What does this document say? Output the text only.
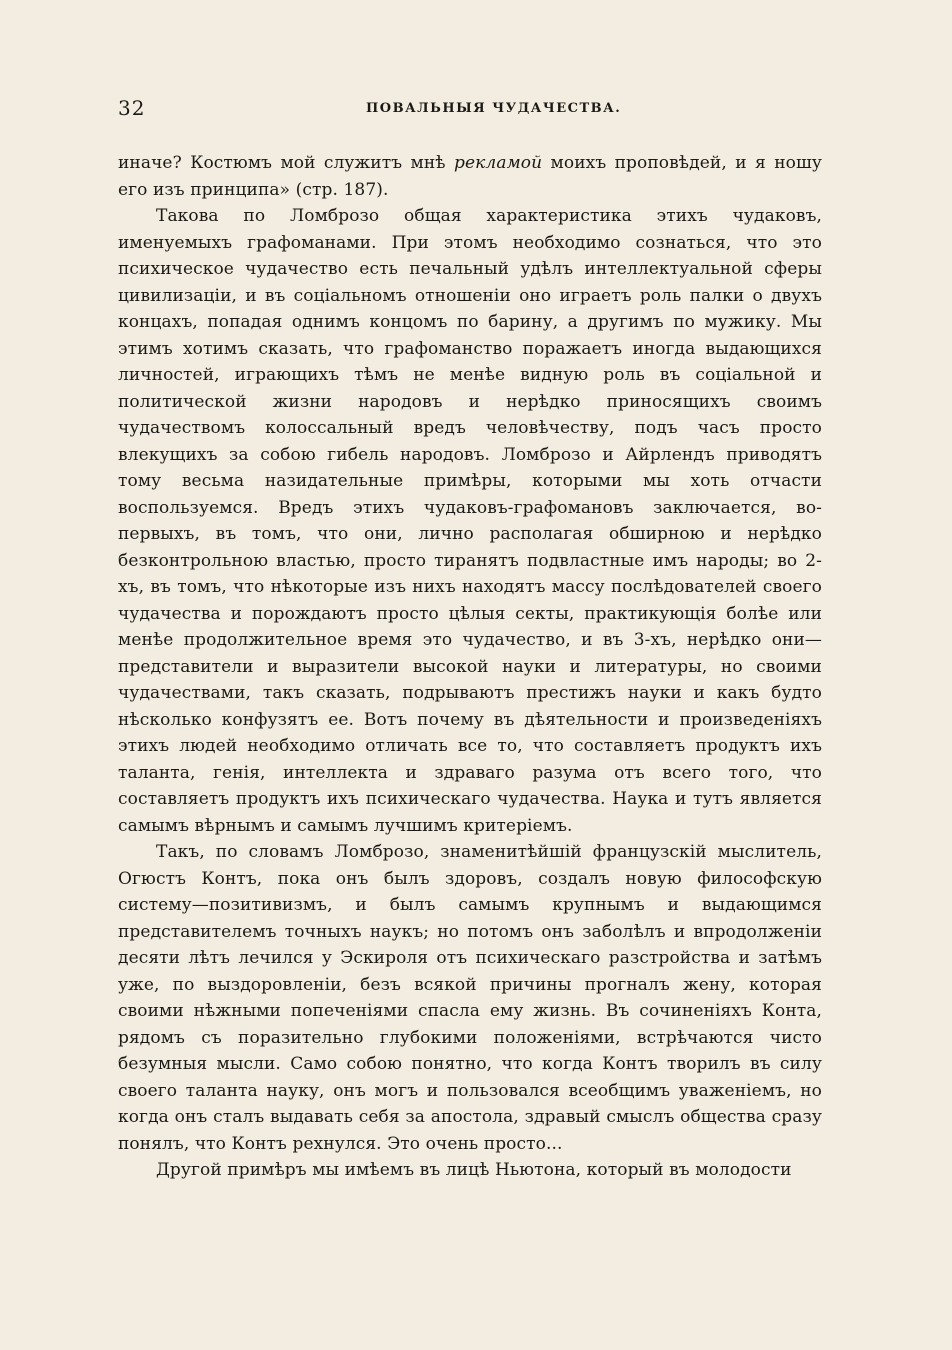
32	ПОВАЛЬНЫЯ ЧУДАЧЕСТВА.

иначе? Костюмъ мой служитъ мнѣ рекламой моихъ проповѣдей, и я ношу его изъ принципа» (стр. 187).

Такова по Ломброзо общая характеристика этихъ чудаковъ, именуемыхъ графоманами. При этомъ необходимо сознаться, что это психическое чудачество есть печальный удѣлъ интеллектуальной сферы цивилизацiи, и въ соцiальномъ отношенiи оно играетъ роль палки о двухъ концахъ, попадая однимъ концомъ по барину, а другимъ по мужику. Мы этимъ хотимъ сказать, что графоманство поражаетъ иногда выдающихся личностей, играющихъ тѣмъ не менѣе видную роль въ соцiальной и политической жизни народовъ и нерѣдко приносящихъ своимъ чудачествомъ колоссальный вредъ человѣчеству, подъ часъ просто влекущихъ за собою гибель народовъ. Ломброзо и Айрлендъ приводятъ тому весьма назидательные примѣры, которыми мы хоть отчасти воспользуемся. Вредъ этихъ чудаковъ-графомановъ заключается, во-первыхъ, въ томъ, что они, лично располагая обширною и нерѣдко безконтрольною властью, просто тиранятъ подвластные имъ народы; во 2-хъ, въ томъ, что нѣкоторые изъ нихъ находятъ массу послѣдователей своего чудачества и порождаютъ просто цѣлыя секты, практикующiя болѣе или менѣе продолжительное время это чудачество, и въ 3-хъ, нерѣдко они—представители и выразители высокой науки и литературы, но своими чудачествами, такъ сказать, подрываютъ престижъ науки и какъ будто нѣсколько конфузятъ ее. Вотъ почему въ дѣятельности и произведенiяхъ этихъ людей необходимо отличать все то, что составляетъ продуктъ ихъ таланта, генiя, интеллекта и здраваго разума отъ всего того, что составляетъ продуктъ ихъ психическаго чудачества. Наука и тутъ является самымъ вѣрнымъ и самымъ лучшимъ критерiемъ.

Такъ, по словамъ Ломброзо, знаменитѣйшiй французскiй мыслитель, Огюстъ Контъ, пока онъ былъ здоровъ, создалъ новую философскую систему—позитивизмъ, и былъ самымъ крупнымъ и выдающимся представителемъ точныхъ наукъ; но потомъ онъ заболѣлъ и впродолженiи десяти лѣтъ лечился у Эскироля отъ психическаго разстройства и затѣмъ уже, по выздоровленiи, безъ всякой причины прогналъ жену, которая своими нѣжными попеченiями спасла ему жизнь. Въ сочиненiяхъ Конта, рядомъ съ поразительно глубокими положенiями, встрѣчаются чисто безумныя мысли. Само собою понятно, что когда Контъ творилъ въ силу своего таланта науку, онъ могъ и пользовался всеобщимъ уваженiемъ, но когда онъ сталъ выдавать себя за апостола, здравый смыслъ общества сразу понялъ, что Контъ рехнулся. Это очень просто...

Другой примѣръ мы имѣемъ въ лицѣ Ньютона, который въ молодости
